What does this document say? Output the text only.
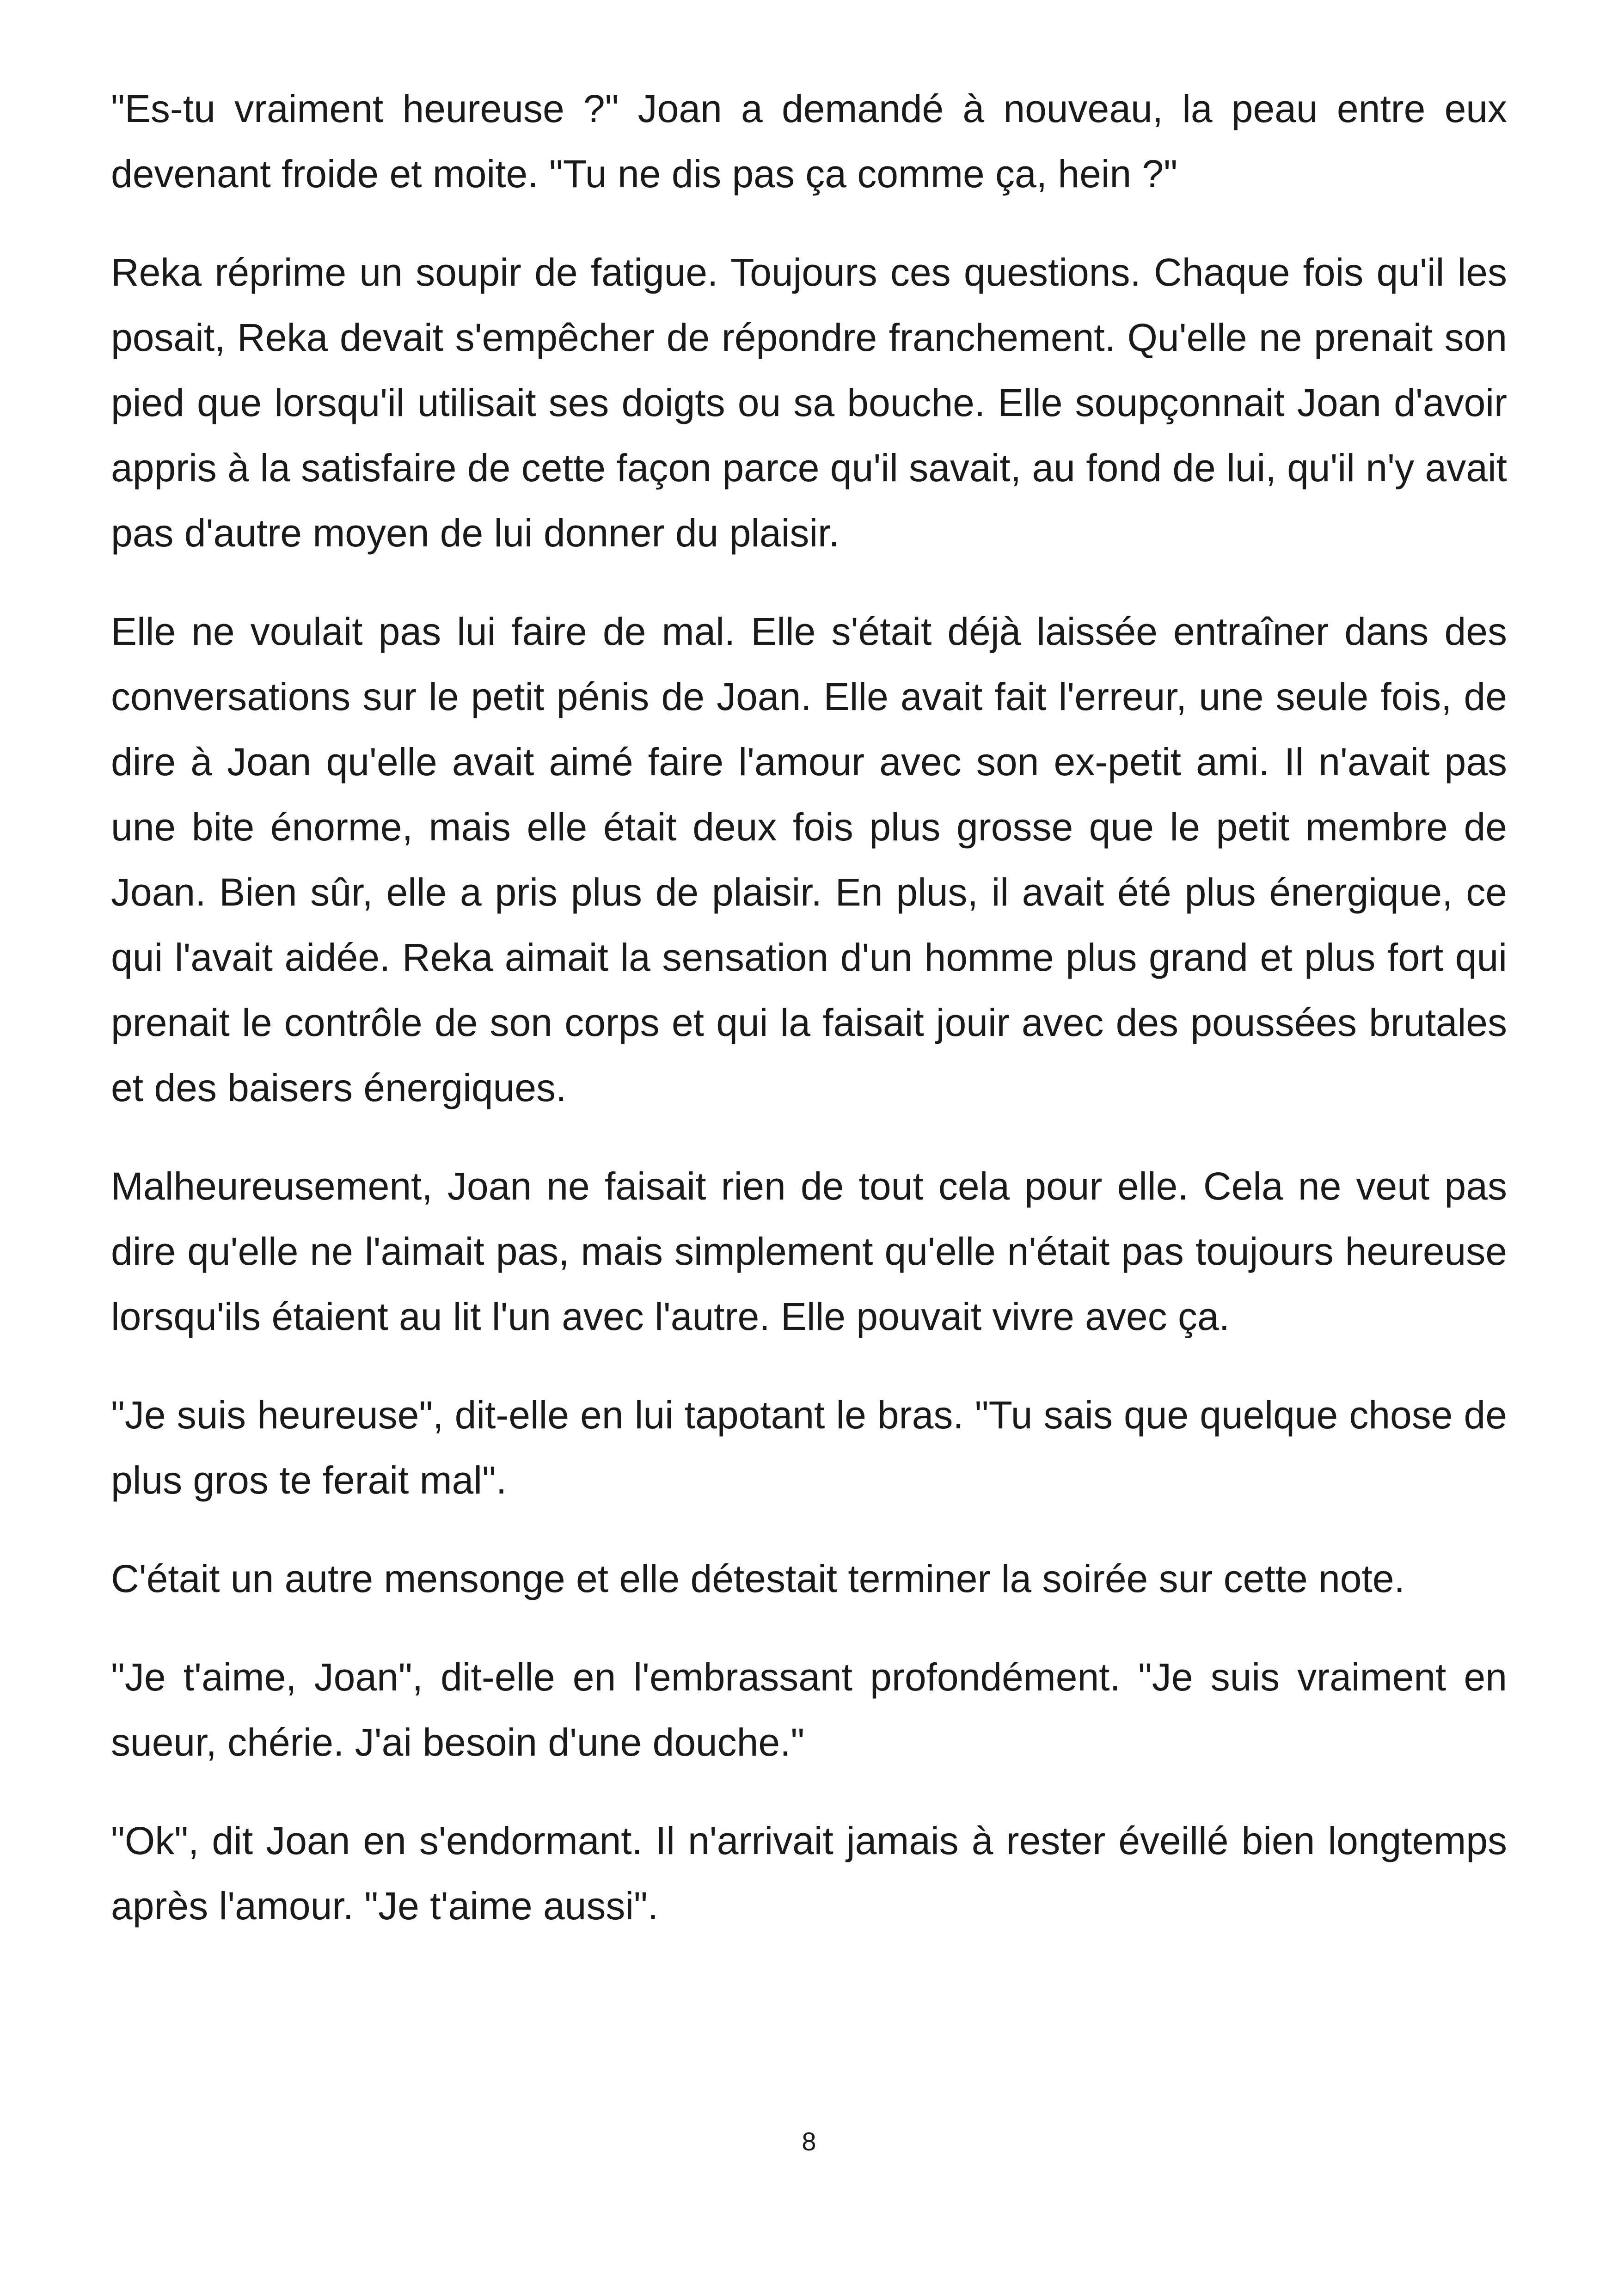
"Es-tu vraiment heureuse ?" Joan a demandé à nouveau, la peau entre eux devenant froide et moite. "Tu ne dis pas ça comme ça, hein ?"

Reka réprime un soupir de fatigue. Toujours ces questions. Chaque fois qu'il les posait, Reka devait s'empêcher de répondre franchement. Qu'elle ne prenait son pied que lorsqu'il utilisait ses doigts ou sa bouche. Elle soupçonnait Joan d'avoir appris à la satisfaire de cette façon parce qu'il savait, au fond de lui, qu'il n'y avait pas d'autre moyen de lui donner du plaisir.

Elle ne voulait pas lui faire de mal. Elle s'était déjà laissée entraîner dans des conversations sur le petit pénis de Joan. Elle avait fait l'erreur, une seule fois, de dire à Joan qu'elle avait aimé faire l'amour avec son ex-petit ami. Il n'avait pas une bite énorme, mais elle était deux fois plus grosse que le petit membre de Joan. Bien sûr, elle a pris plus de plaisir. En plus, il avait été plus énergique, ce qui l'avait aidée. Reka aimait la sensation d'un homme plus grand et plus fort qui prenait le contrôle de son corps et qui la faisait jouir avec des poussées brutales et des baisers énergiques.

Malheureusement, Joan ne faisait rien de tout cela pour elle. Cela ne veut pas dire qu'elle ne l'aimait pas, mais simplement qu'elle n'était pas toujours heureuse lorsqu'ils étaient au lit l'un avec l'autre. Elle pouvait vivre avec ça.

"Je suis heureuse", dit-elle en lui tapotant le bras. "Tu sais que quelque chose de plus gros te ferait mal".

C'était un autre mensonge et elle détestait terminer la soirée sur cette note.

"Je t'aime, Joan", dit-elle en l'embrassant profondément. "Je suis vraiment en sueur, chérie. J'ai besoin d'une douche."

"Ok", dit Joan en s'endormant. Il n'arrivait jamais à rester éveillé bien longtemps après l'amour. "Je t'aime aussi".

8
